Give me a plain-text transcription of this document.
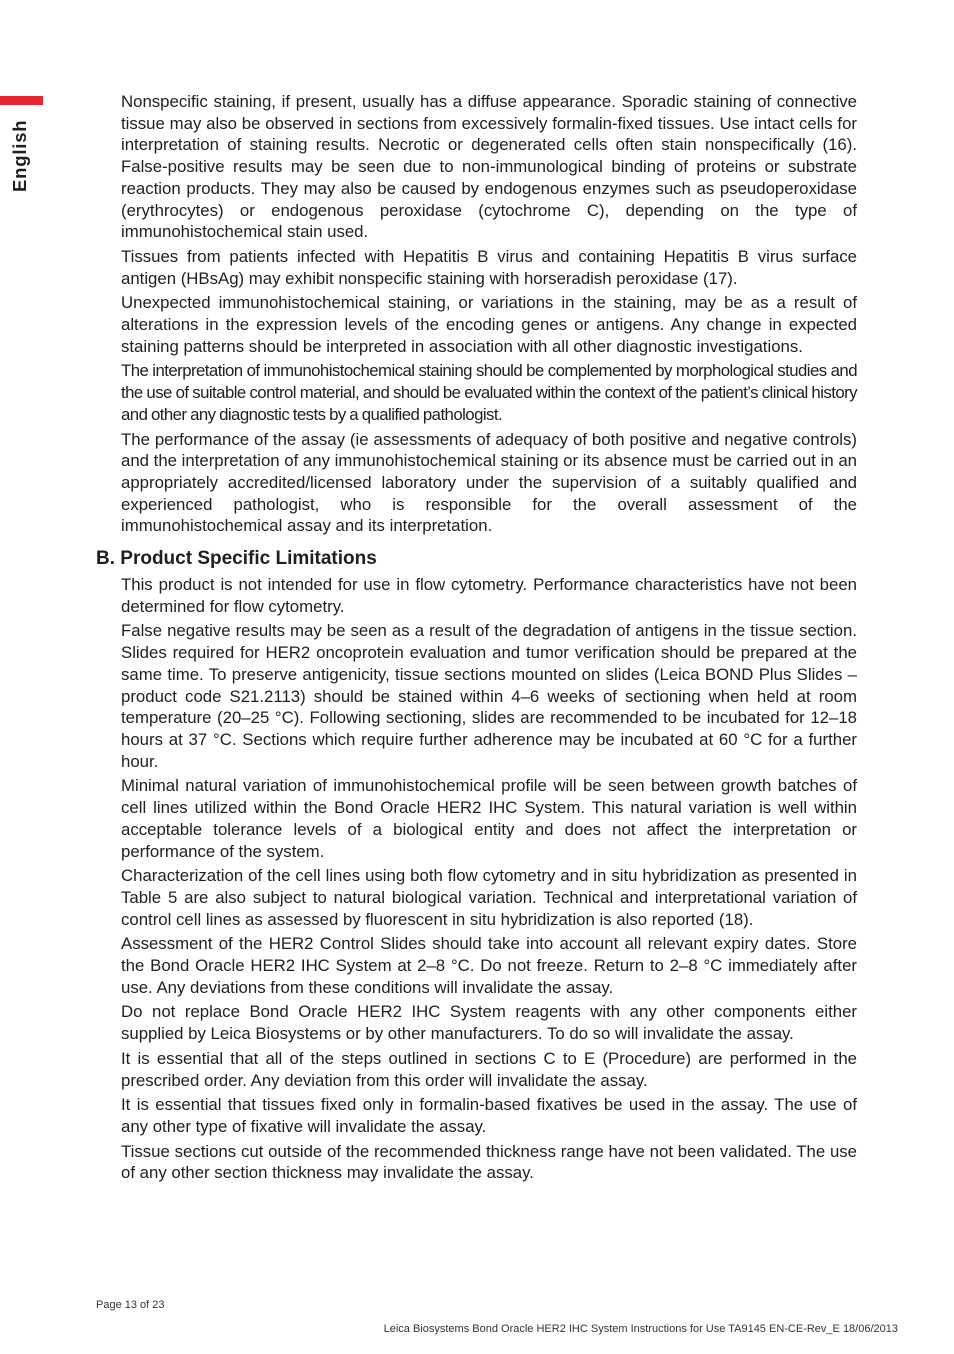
English

Nonspecific staining, if present, usually has a diffuse appearance. Sporadic staining of connective tissue may also be observed in sections from excessively formalin-fixed tissues. Use intact cells for interpretation of staining results. Necrotic or degenerated cells often stain nonspecifically (16). False-positive results may be seen due to non-immunological binding of proteins or substrate reaction products. They may also be caused by endogenous enzymes such as pseudoperoxidase (erythrocytes) or endogenous peroxidase (cytochrome C), depending on the type of immunohistochemical stain used.

Tissues from patients infected with Hepatitis B virus and containing Hepatitis B virus surface antigen (HBsAg) may exhibit nonspecific staining with horseradish peroxidase (17).

Unexpected immunohistochemical staining, or variations in the staining, may be as a result of alterations in the expression levels of the encoding genes or antigens. Any change in expected staining patterns should be interpreted in association with all other diagnostic investigations.

The interpretation of immunohistochemical staining should be complemented by morphological studies and the use of suitable control material, and should be evaluated within the context of the patient’s clinical history and other any diagnostic tests by a qualified pathologist.

The performance of the assay (ie assessments of adequacy of both positive and negative controls) and the interpretation of any immunohistochemical staining or its absence must be carried out in an appropriately accredited/licensed laboratory under the supervision of a suitably qualified and experienced pathologist, who is responsible for the overall assessment of the immunohistochemical assay and its interpretation.

B. Product Specific Limitations

This product is not intended for use in flow cytometry. Performance characteristics have not been determined for flow cytometry.

False negative results may be seen as a result of the degradation of antigens in the tissue section. Slides required for HER2 oncoprotein evaluation and tumor verification should be prepared at the same time. To preserve antigenicity, tissue sections mounted on slides (Leica BOND Plus Slides – product code S21.2113) should be stained within 4–6 weeks of sectioning when held at room temperature (20–25 °C). Following sectioning, slides are recommended to be incubated for 12–18 hours at 37 °C. Sections which require further adherence may be incubated at 60 °C for a further hour.

Minimal natural variation of immunohistochemical profile will be seen between growth batches of cell lines utilized within the Bond Oracle HER2 IHC System. This natural variation is well within acceptable tolerance levels of a biological entity and does not affect the interpretation or performance of the system.

Characterization of the cell lines using both flow cytometry and in situ hybridization as presented in Table 5 are also subject to natural biological variation. Technical and interpretational variation of control cell lines as assessed by fluorescent in situ hybridization is also reported (18).

Assessment of the HER2 Control Slides should take into account all relevant expiry dates. Store the Bond Oracle HER2 IHC System at 2–8 °C. Do not freeze. Return to 2–8 °C immediately after use. Any deviations from these conditions will invalidate the assay.

Do not replace Bond Oracle HER2 IHC System reagents with any other components either supplied by Leica Biosystems or by other manufacturers. To do so will invalidate the assay.

It is essential that all of the steps outlined in sections C to E (Procedure) are performed in the prescribed order. Any deviation from this order will invalidate the assay.

It is essential that tissues fixed only in formalin-based fixatives be used in the assay. The use of any other type of fixative will invalidate the assay.

Tissue sections cut outside of the recommended thickness range have not been validated. The use of any other section thickness may invalidate the assay.

Page 13 of 23
Leica Biosystems Bond Oracle HER2 IHC System Instructions for Use TA9145 EN-CE-Rev_E 18/06/2013
